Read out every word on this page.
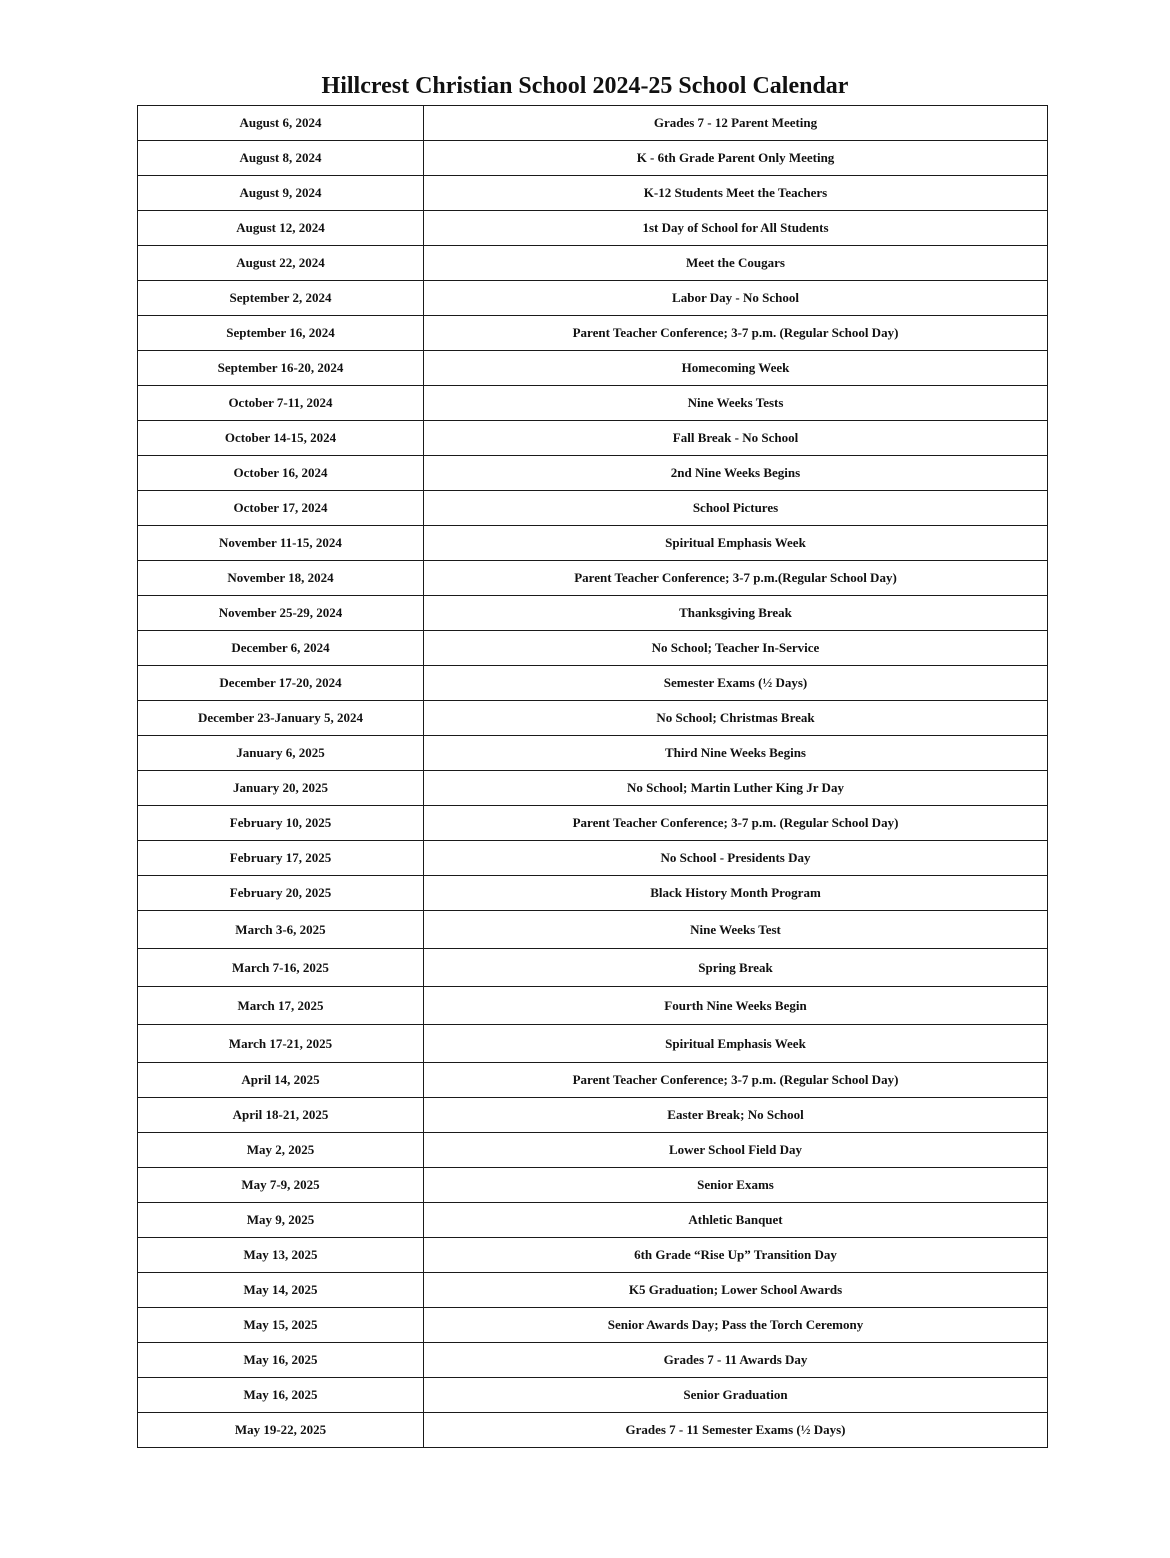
Hillcrest Christian School 2024-25 School Calendar
August 6, 2024	Grades 7 - 12 Parent Meeting
August 8, 2024	K - 6th Grade Parent Only Meeting
August 9, 2024	K-12 Students Meet the Teachers
August 12, 2024	1st Day of School for All Students
August 22, 2024	Meet the Cougars
September 2, 2024	Labor Day - No School
September 16, 2024	Parent Teacher Conference; 3-7 p.m. (Regular School Day)
September 16-20, 2024	Homecoming Week
October 7-11, 2024	Nine Weeks Tests
October 14-15, 2024	Fall Break - No School
October 16, 2024	2nd Nine Weeks Begins
October 17, 2024	School Pictures
November 11-15, 2024	Spiritual Emphasis Week
November 18, 2024	Parent Teacher Conference; 3-7 p.m.(Regular School Day)
November 25-29, 2024	Thanksgiving Break
December 6, 2024	No School; Teacher In-Service
December 17-20, 2024	Semester Exams (½ Days)
December 23-January 5, 2024	No School; Christmas Break
January 6, 2025	Third Nine Weeks Begins
January 20, 2025	No School; Martin Luther King Jr Day
February 10, 2025	Parent Teacher Conference; 3-7 p.m. (Regular School Day)
February 17, 2025	No School - Presidents Day
February 20, 2025	Black History Month Program
March 3-6, 2025	Nine Weeks Test
March 7-16, 2025	Spring Break
March 17, 2025	Fourth Nine Weeks Begin
March 17-21, 2025	Spiritual Emphasis Week
April 14, 2025	Parent Teacher Conference; 3-7 p.m. (Regular School Day)
April 18-21, 2025	Easter Break; No School
May 2, 2025	Lower School Field Day
May 7-9, 2025	Senior Exams
May 9, 2025	Athletic Banquet
May 13, 2025	6th Grade “Rise Up” Transition Day
May 14, 2025	K5 Graduation; Lower School Awards
May 15, 2025	Senior Awards Day; Pass the Torch Ceremony
May 16, 2025	Grades 7 - 11 Awards Day
May 16, 2025	Senior Graduation
May 19-22, 2025	Grades 7 - 11 Semester Exams (½ Days)
